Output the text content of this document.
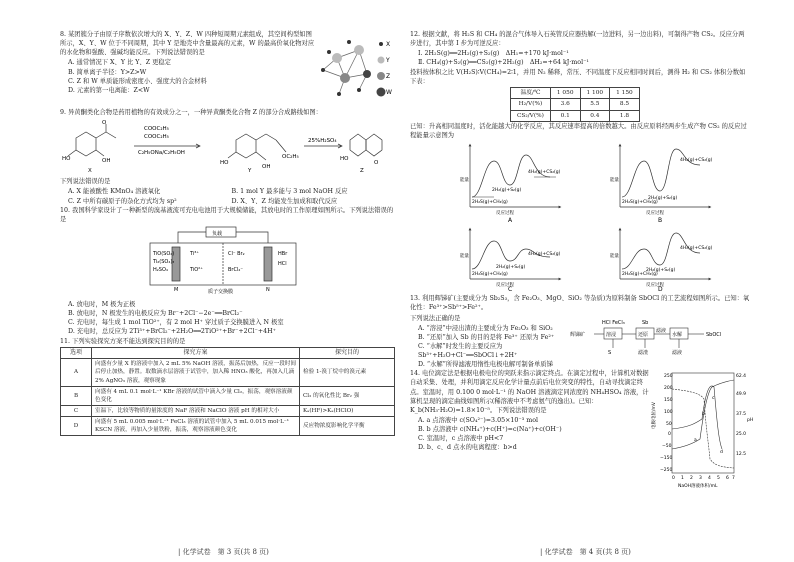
8. 某团簇分子由原子序数依次增大的 X、Y、Z、W 四种短周期元素组成，其空间构型如图所示，X、Y、W 位于不同周期，其中 Y 是地壳中含量最高的元素，W 的最高价氧化物对应的水化物和强酸、强碱均能反应。下列说法错误的是

A. 通常情况下 X、Y 比 Y、Z 更稳定

B. 简单离子半径：Y>Z>W

C. Z 和 W 单质能形成密度小、强度大的合金材料

D. 元素的第一电离能：Z<W

X
Y
Z
W

9. 异黄酮类化合物是药用植物的有效成分之一，一种异黄酮类化合物 Z 的部分合成路线如图：

HO	OH
O
COOC₂H₅
COOC₂H₅
C₂H₅ONa/C₂H₅OH
HO
OH
OC₂H₅
25%H₂SO₄
HO
O
X	Y	Z

下列说法错误的是

A. X 能被酸性 KMnO₄ 溶液氧化	B. 1 mol Y 最多能与 3 mol NaOH 反应
C. Z 中所有碳原子的杂化方式均为 sp²	D. X、Y、Z 均能发生加成和取代反应

10. 我国科学家设计了一种新型的溴基液流可充电电池用于大规模储能，其放电时的工作原理如图所示。下列说法错误的是

负载
TiO(SO₄)
Ti₂(SO₄)₃
H₂SO₄
Ti³⁺
TiO²⁺
Cl⁻ Br₂
BrCl₂⁻
HBr
HCl
M	N
质子交换膜

A. 放电时，M 极为正极

B. 放电时，N 极发生的电极反应为 Br⁻+2Cl⁻−2e⁻══BrCl₂⁻

C. 充电时，每生成 1 mol TiO²⁺，有 2 mol H⁺ 穿过质子交换膜进入 N 极室

D. 充电时，总反应为 2Ti³⁺+BrCl₂⁻+2H₂O══2TiO²⁺+Br⁻+2Cl⁻+4H⁺

11. 下列实验探究方案不能达到探究目的的是

选项	探究方案	探究目的
A	向盛有少量 X 的溶液中加入 2 mL 5% NaOH 溶液，振荡后加热，反应一段时间后停止加热，静置。取数滴水层溶液于试管中，加入稀 HNO₃ 酸化，再加入几滴 2% AgNO₃ 溶液，观察现象	检验 1-溴丁烷中的溴元素
B	向盛有 4 mL 0.1 mol·L⁻¹ KBr 溶液的试管中滴入少量 Cl₂，振荡，观察溶液颜色变化	Cl₂ 的氧化性比 Br₂ 强
C	室温下，比较等物质的量浓度的 NaF 溶液和 NaClO 溶液 pH 的相对大小	Kₐ(HF)>Kₐ(HClO)
D	向盛有 5 mL 0.005 mol·L⁻¹ FeCl₃ 溶液的试管中加入 5 mL 0.015 mol·L⁻¹ KSCN 溶液，再加入少量铁粉，振荡，观察溶液颜色变化	反应物浓度影响化学平衡
| 化学试卷　第 3 页(共 8 页)

12. 根据文献，将 H₂S 和 CH₄ 的混合气体导入石英管反应器热解(一边进料，另一边出料)，可制得产物 CS₂。反应分两步进行，其中第 I 步为可逆反应：

Ⅰ. 2H₂S(g)══2H₂(g)+S₂(g)　ΔH₁=+170 kJ·mol⁻¹

Ⅱ. CH₄(g)+S₂(g)══CS₂(g)+2H₂(g)　ΔH₂=+64 kJ·mol⁻¹

投料按体积之比 V(H₂S)∶V(CH₄)=2∶1，并用 N₂ 稀释，常压、不同温度下反应相同时间后，测得 H₂ 和 CS₂ 体积分数如下表：

温度/℃	1 050	1 100	1 150
H₂/V(%)	3.6	5.5	8.5
CS₂/V(%)	0.1	0.4	1.8

已知：升高相同温度时，活化能越大的化学反应，其反应速率提高的倍数越大。由反应原料经两步生成产物 CS₂ 的反应过程能量示意图为

能量
2H₂S(g)+CH₄(g)
2H₂(g)+S₂(g)
4H₂(g)+CS₂(g)
反应过程
A
能量
2H₂S(g)+CH₄(g)
2H₂(g)+S₂(g)
4H₂(g)+CS₂(g)
反应过程
B
能量
2H₂S(g)+CH₄(g)
2H₂(g)+S₂(g)
4H₂(g)+CS₂(g)
反应过程
C
能量
2H₂S(g)+CH₄(g)
2H₂(g)+S₂(g)
4H₂(g)+CS₂(g)
反应过程
D

13. 利用辉锑矿(主要成分为 Sb₂S₃，含 Fe₂O₃、MgO、SiO₂ 等杂质)为原料制备 SbOCl 的工艺流程如图所示。已知：氧化性：Fe³⁺>Sb⁵⁺>Fe²⁺。

下列说法正确的是

A. “溶浸”中浸出渣的主要成分为 Fe₂O₃ 和 SiO₂

B. “还原”加入 Sb 的目的是将 Fe³⁺ 还原为 Fe²⁺

C. “水解”时发生的主要反应为 Sb³⁺+H₂O+Cl⁻══SbOCl↓+2H⁺

辉锑矿	溶浸	还原
滤液
水解	SbOCl
HCl FeCl₃	Sb
S	滤渣	滤液

D. “水解”所得滤液用惰性电极电解可制备单质锑

14. 电位滴定法是根据电极电位的突跃来指示滴定终点。在滴定过程中，计算机对数据自动采集、处理，并利用滴定反应化学计量点前后电位突变的特性，自动寻找滴定终点。室温时，用 0.100 0 mol·L⁻¹ 的 NaOH 溶液滴定同浓度的 NH₄HSO₄ 溶液，计算机呈现的滴定曲线如图所示(稀溶液中不考虑氨气的逸出)。已知：K_b(NH₃·H₂O)=1.8×10⁻⁵。下列说法错误的是

A. a 点溶液中 c(SO₄²⁻)=3.05×10⁻³ mol

B. b 点溶液中 c(NH₄⁺)+c(H⁺)=c(Na⁺)+c(OH⁻)

C. 室温时，c 点溶液中 pH<7

D. b、c、d 点水的电离程度：b>d

250
200
150
100
50
0
−50
−150
−250
62.4
49.9
37.5
25.0
12.5
0 1 2 3 4 5 6 7
NaOH溶液体积/mL
a
b
c
d
电极电位/mV	pH
| 化学试卷　第 4 页(共 8 页)
